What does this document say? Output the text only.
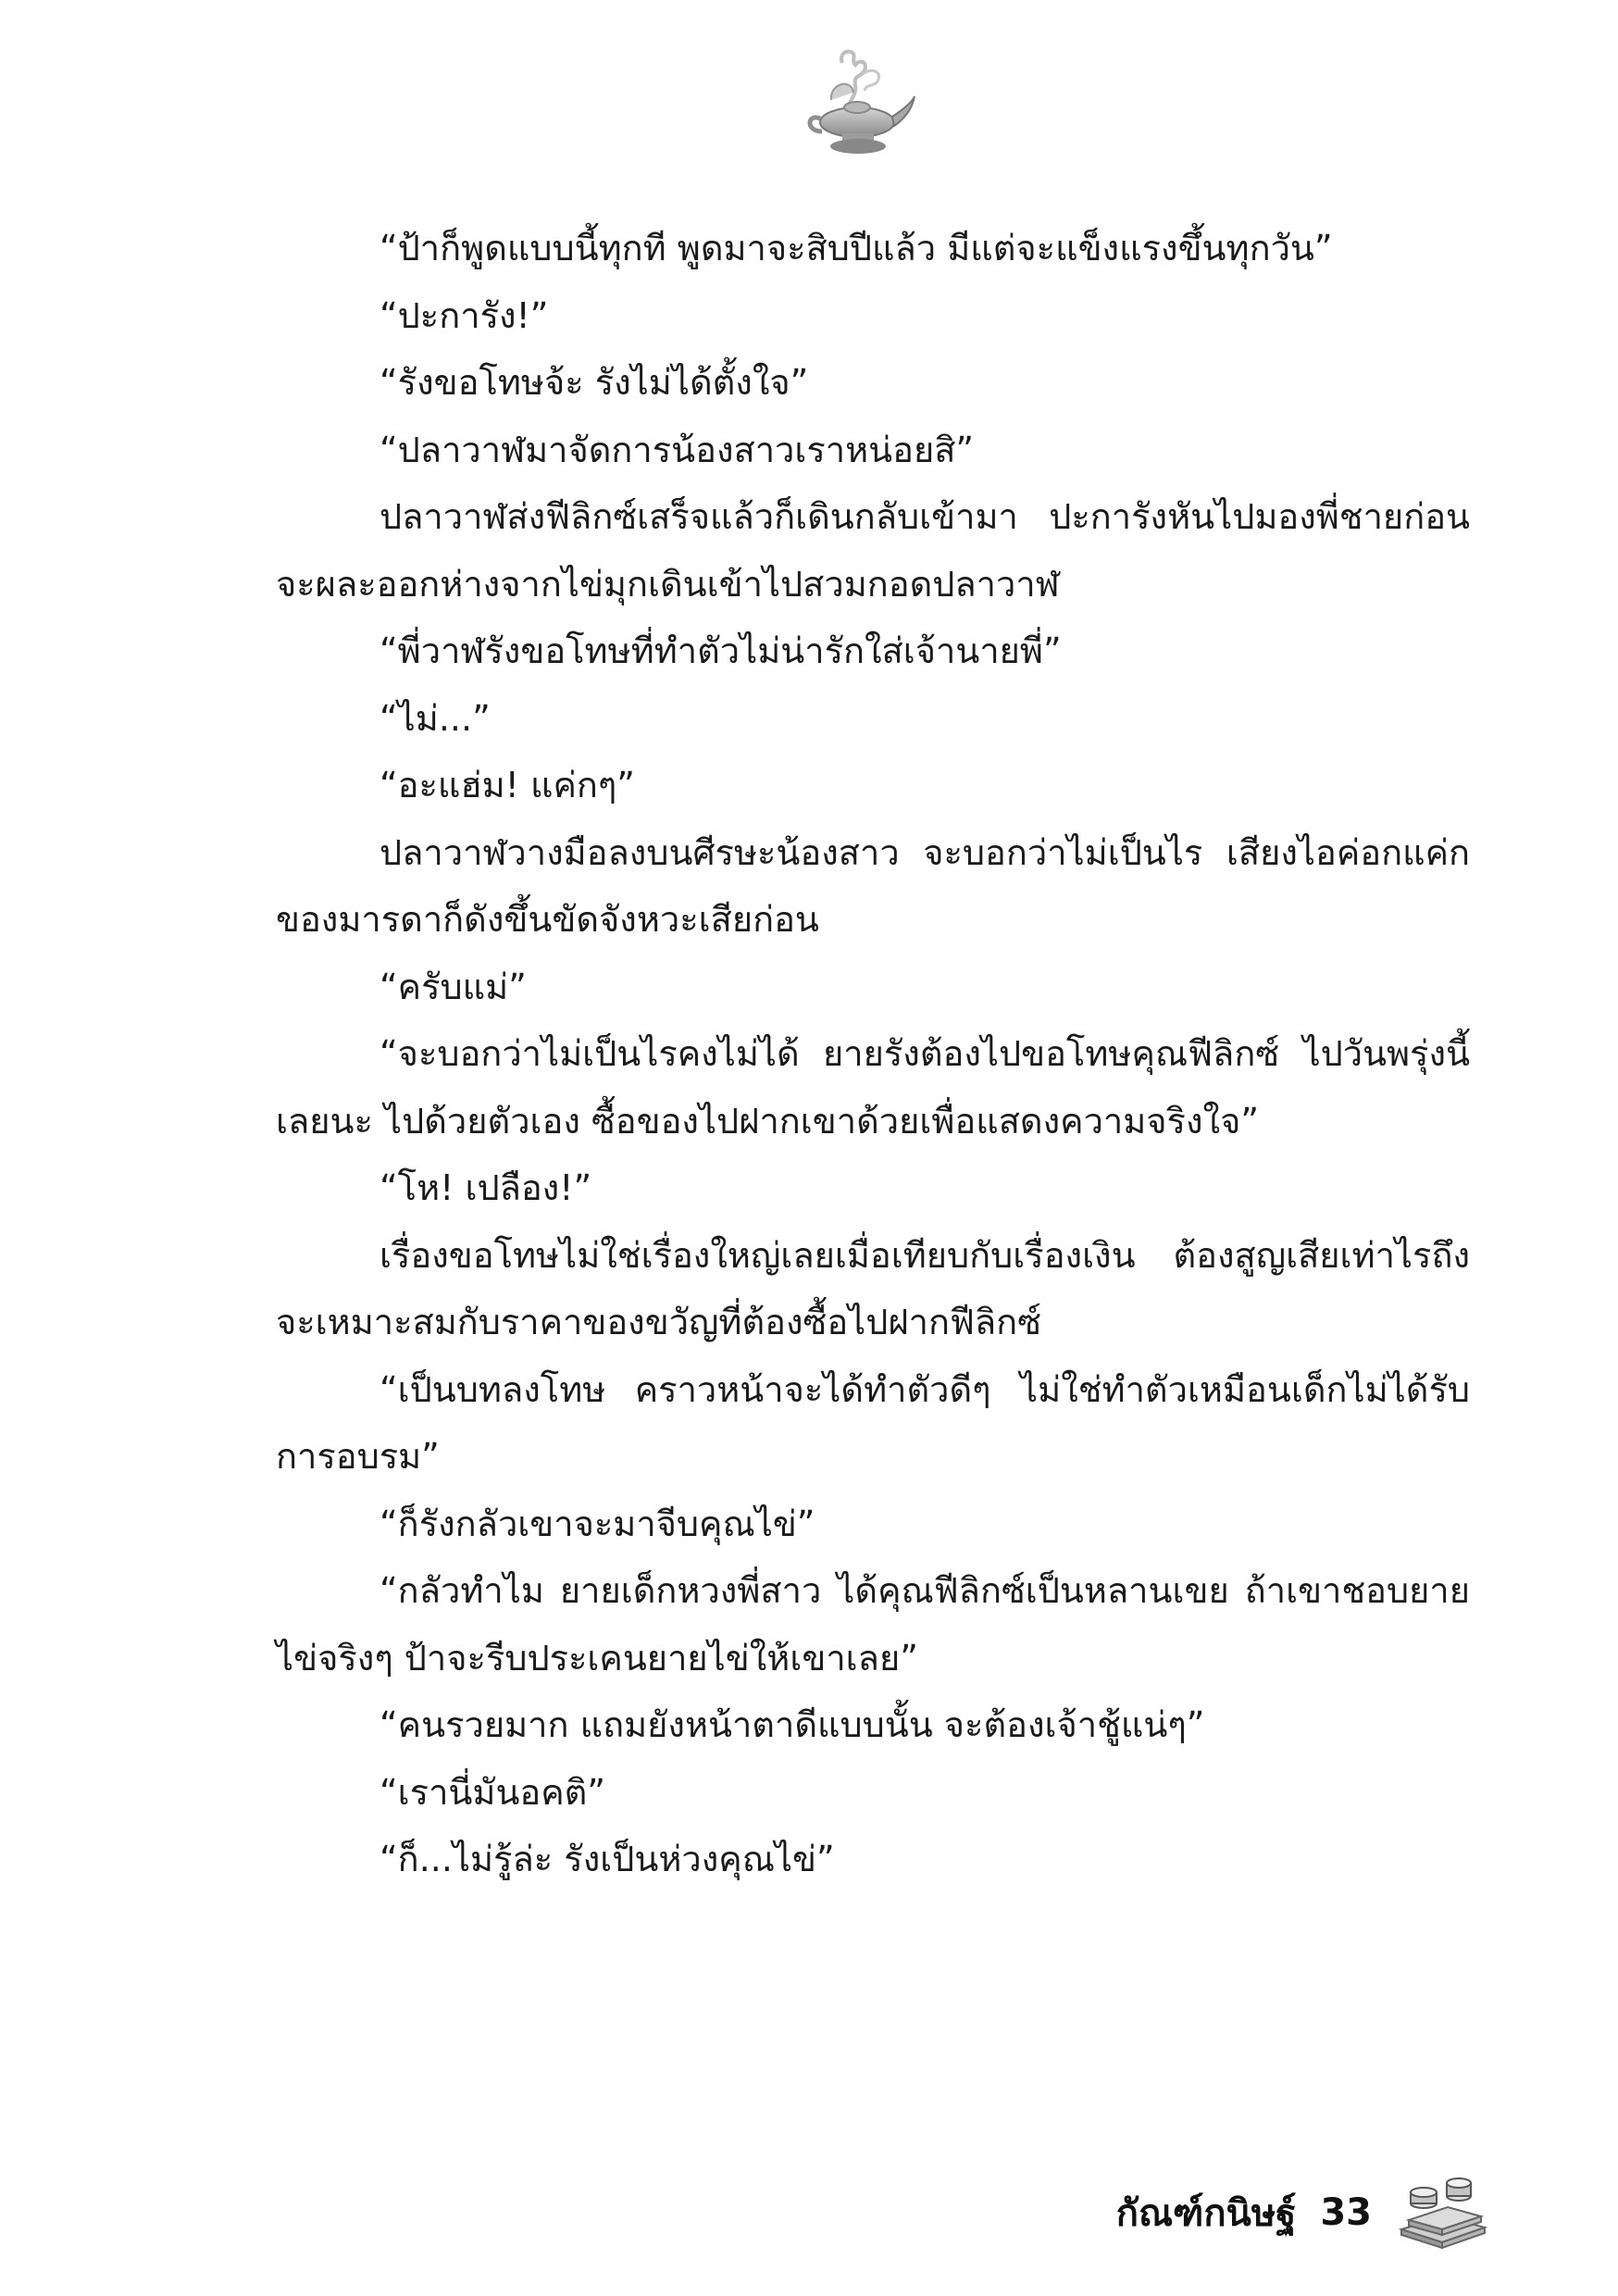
“ป้าก็พูดแบบนี้ทุกที พูดมาจะสิบปีแล้ว มีแต่จะแข็งแรงขึ้นทุกวัน”

“ปะการัง!”

“รังขอโทษจ้ะ รังไม่ได้ตั้งใจ”

“ปลาวาฬมาจัดการน้องสาวเราหน่อยสิ”

ปลาวาฬส่งฟีลิกซ์เสร็จแล้วก็เดินกลับเข้ามา ปะการังหันไปมองพี่ชายก่อนจะผละออกห่างจากไข่มุกเดินเข้าไปสวมกอดปลาวาฬ

“พี่วาฬรังขอโทษที่ทำตัวไม่น่ารักใส่เจ้านายพี่”

“ไม่...”

“อะแฮ่ม! แค่กๆ”

ปลาวาฬวางมือลงบนศีรษะน้องสาว จะบอกว่าไม่เป็นไร เสียงไอค่อกแค่กของมารดาก็ดังขึ้นขัดจังหวะเสียก่อน

“ครับแม่”

“จะบอกว่าไม่เป็นไรคงไม่ได้ ยายรังต้องไปขอโทษคุณฟีลิกซ์ ไปวันพรุ่งนี้เลยนะ ไปด้วยตัวเอง ซื้อของไปฝากเขาด้วยเพื่อแสดงความจริงใจ”

“โห! เปลือง!”

เรื่องขอโทษไม่ใช่เรื่องใหญ่เลยเมื่อเทียบกับเรื่องเงิน ต้องสูญเสียเท่าไรถึงจะเหมาะสมกับราคาของขวัญที่ต้องซื้อไปฝากฟีลิกซ์

“เป็นบทลงโทษ คราวหน้าจะได้ทำตัวดีๆ ไม่ใช่ทำตัวเหมือนเด็กไม่ได้รับการอบรม”

“ก็รังกลัวเขาจะมาจีบคุณไข่”

“กลัวทำไม ยายเด็กหวงพี่สาว ได้คุณฟีลิกซ์เป็นหลานเขย ถ้าเขาชอบยายไข่จริงๆ ป้าจะรีบประเคนยายไข่ให้เขาเลย”

“คนรวยมาก แถมยังหน้าตาดีแบบนั้น จะต้องเจ้าชู้แน่ๆ”

“เรานี่มันอคติ”

“ก็...ไม่รู้ล่ะ รังเป็นห่วงคุณไข่”

กัณฑ์กนิษฐ์ 33
